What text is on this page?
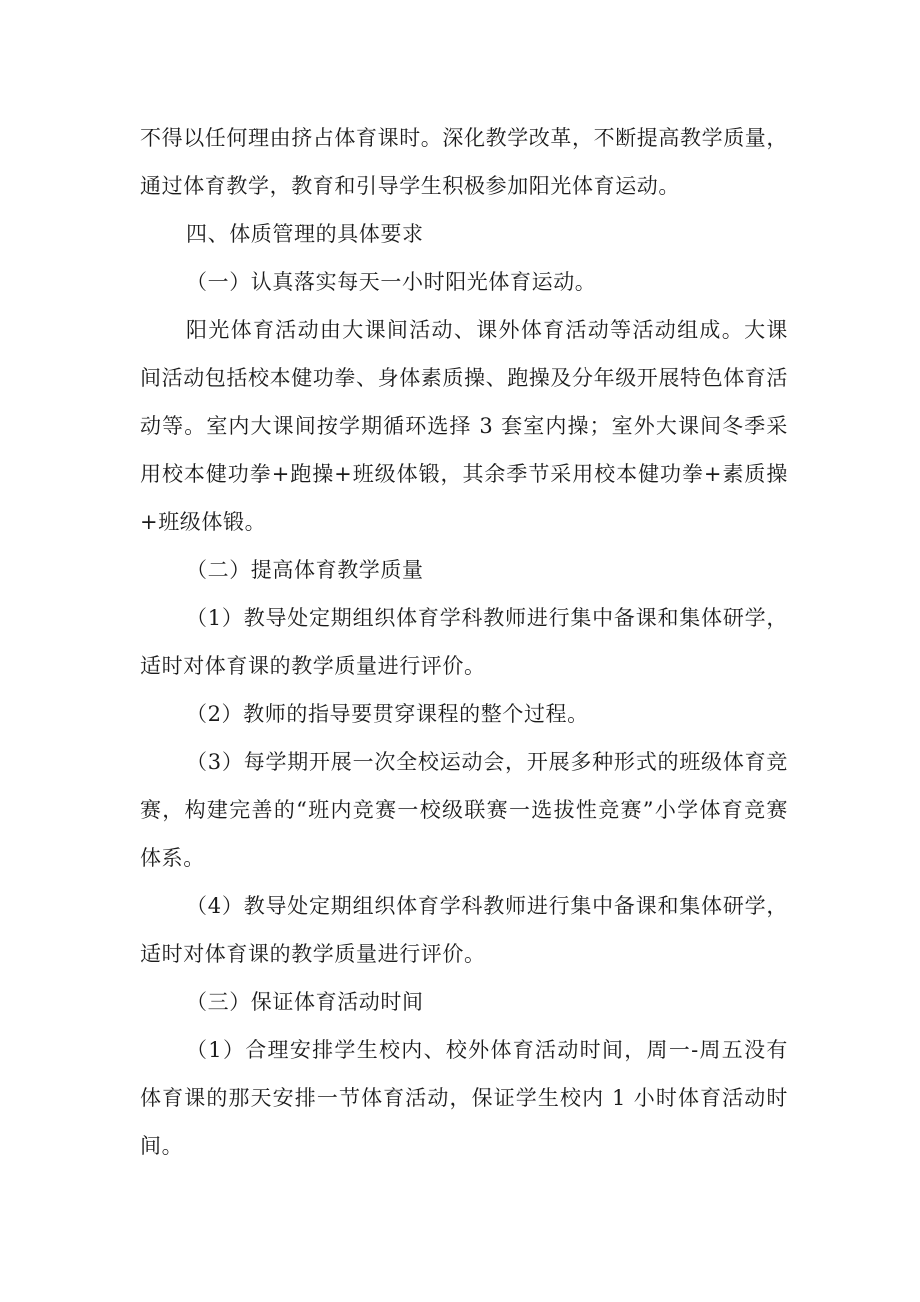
不得以任何理由挤占体育课时。深化教学改革，不断提高教学质量，通过体育教学，教育和引导学生积极参加阳光体育运动。

四、体质管理的具体要求

（一）认真落实每天一小时阳光体育运动。

阳光体育活动由大课间活动、课外体育活动等活动组成。大课间活动包括校本健功拳、身体素质操、跑操及分年级开展特色体育活动等。室内大课间按学期循环选择 3 套室内操；室外大课间冬季采用校本健功拳+跑操+班级体锻，其余季节采用校本健功拳+素质操+班级体锻。

（二）提高体育教学质量

（1）教导处定期组织体育学科教师进行集中备课和集体研学，适时对体育课的教学质量进行评价。

（2）教师的指导要贯穿课程的整个过程。

（3）每学期开展一次全校运动会，开展多种形式的班级体育竞赛，构建完善的“班内竞赛一校级联赛一选拔性竞赛”小学体育竞赛体系。

（4）教导处定期组织体育学科教师进行集中备课和集体研学，适时对体育课的教学质量进行评价。

（三）保证体育活动时间

（1）合理安排学生校内、校外体育活动时间，周一-周五没有体育课的那天安排一节体育活动，保证学生校内 1 小时体育活动时间。
